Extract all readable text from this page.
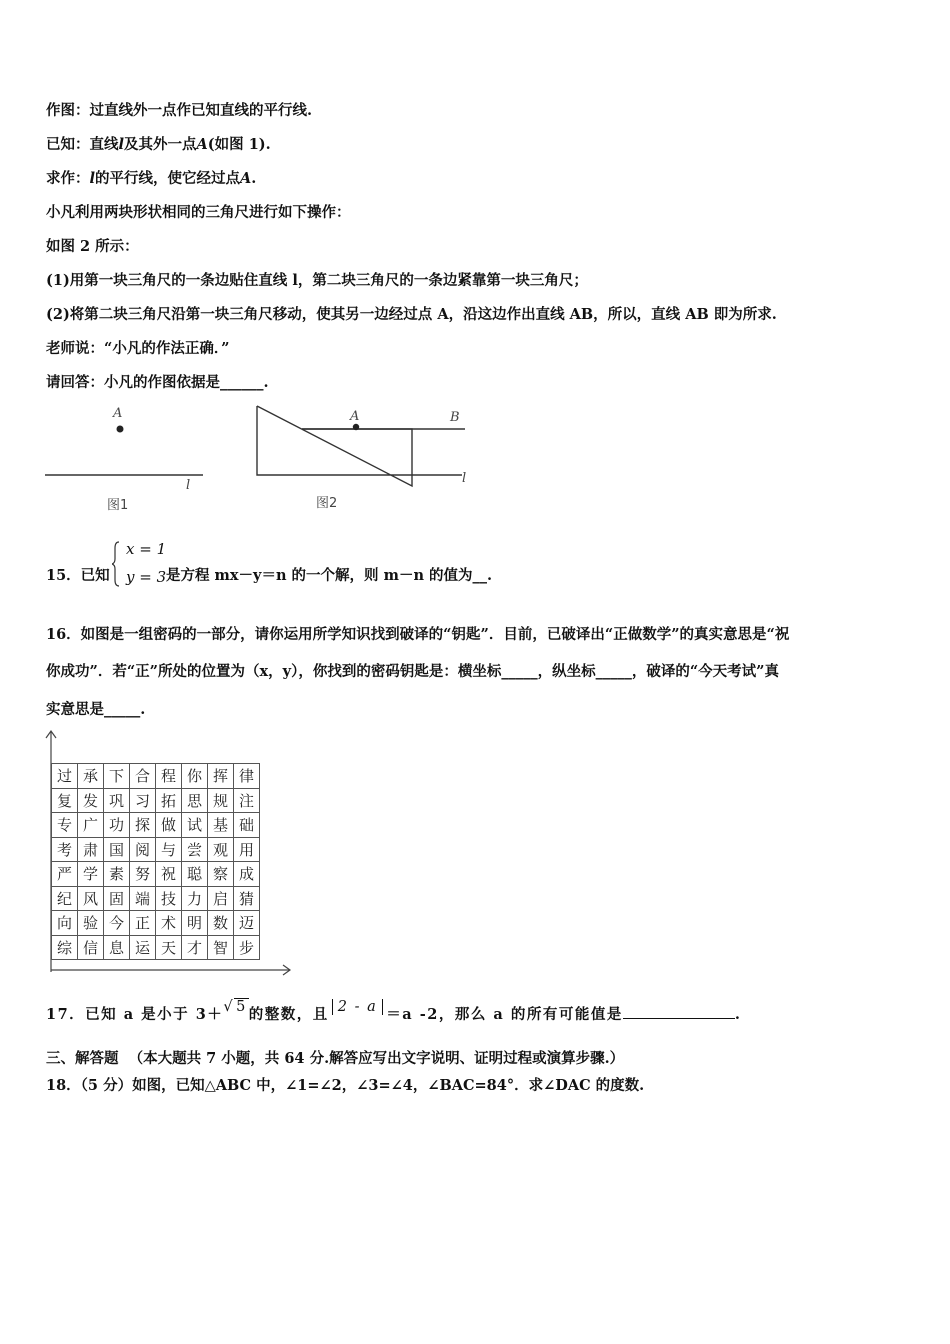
作图：过直线外一点作已知直线的平行线.
已知：直线l及其外一点A(如图 1).
求作：l的平行线，使它经过点A.
小凡利用两块形状相同的三角尺进行如下操作：
如图 2 所示：
(1)用第一块三角尺的一条边贴住直线 l，第二块三角尺的一条边紧靠第一块三角尺；
(2)将第二块三角尺沿第一块三角尺移动，使其另一边经过点 A，沿这边作出直线 AB，所以，直线 AB 即为所求.
老师说：“小凡的作法正确．”
请回答：小凡的作图依据是______.
A
l
图1
A	B
l
图2
15．已知
x = 1
y = 3 是方程 mx－y＝n 的一个解，则 m－n 的值为__.
16．如图是一组密码的一部分，请你运用所学知识找到破译的“钥匙”．目前，已破译出“正做数学”的真实意思是“祝
你成功”．若“正”所处的位置为（x，y），你找到的密码钥匙是：横坐标_____，纵坐标_____，破译的“今天考试”真
实意思是_____.
过	承	下	合	程	你	挥	律
复	发	巩	习	拓	思	规	注
专	广	功	探	做	试	基	础
考	肃	国	阅	与	尝	观	用
严	学	素	努	祝	聪	察	成
纪	风	固	端	技	力	启	猜
向	验	今	正	术	明	数	迈
综	信	息	运	天	才	智	步
17．已知 a 是小于 3＋√ 5 的整数，且 2 - a ＝a -2，那么 a 的所有可能值是	.
三、解答题 （本大题共 7 小题，共 64 分.解答应写出文字说明、证明过程或演算步骤.）
18．（5 分）如图，已知△ABC 中，∠1=∠2，∠3=∠4，∠BAC=84°．求∠DAC 的度数.
